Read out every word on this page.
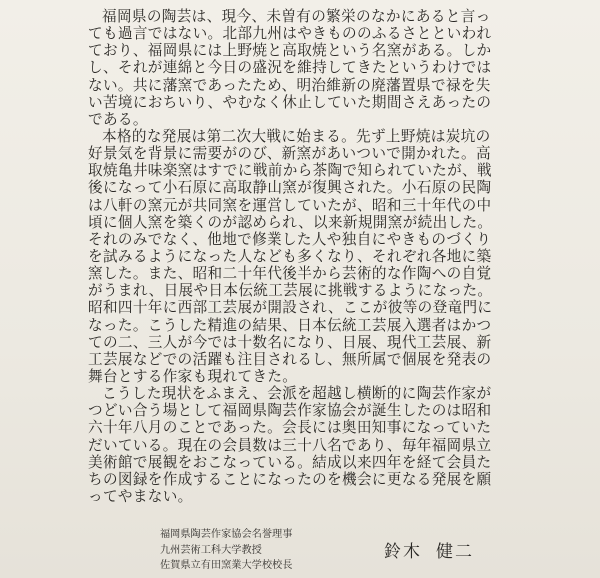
福岡県の陶芸は、現今、未曽有の繁栄のなかにあると言っ
ても過言ではない。北部九州はやきもののふるさとといわれ
ており、福岡県には上野焼と高取焼という名窯がある。しか
し、それが連綿と今日の盛況を維持してきたというわけでは
ない。共に藩窯であったため、明治維新の廃藩置県で禄を失
い苦境におちいり、やむなく休止していた期間さえあったの
である。
本格的な発展は第二次大戦に始まる。先ず上野焼は炭坑の
好景気を背景に需要がのび、新窯があいついで開かれた。高
取焼亀井味楽窯はすでに戦前から茶陶で知られていたが、戦
後になって小石原に高取静山窯が復興された。小石原の民陶
は八軒の窯元が共同窯を運営していたが、昭和三十年代の中
頃に個人窯を築くのが認められ、以来新規開窯が続出した。
それのみでなく、他地で修業した人や独自にやきものづくり
を試みるようになった人なども多くなり、それぞれ各地に築
窯した。また、昭和二十年代後半から芸術的な作陶への自覚
がうまれ、日展や日本伝統工芸展に挑戦するようになった。
昭和四十年に西部工芸展が開設され、ここが彼等の登竜門に
なった。こうした精進の結果、日本伝統工芸展入選者はかつ
ての二、三人が今では十数名になり、日展、現代工芸展、新
工芸展などでの活躍も注目されるし、無所属で個展を発表の
舞台とする作家も現れてきた。
こうした現状をふまえ、会派を超越し横断的に陶芸作家が
つどい合う場として福岡県陶芸作家協会が誕生したのは昭和
六十年八月のことであった。会長には奥田知事になっていた
だいている。現在の会員数は三十八名であり、毎年福岡県立
美術館で展観をおこなっている。結成以来四年を経て会員た
ちの図録を作成することになったのを機会に更なる発展を願
ってやまない。
福岡県陶芸作家協会名誉理事
九州芸術工科大学教授
佐賀県立有田窯業大学校校長
鈴木 健二
